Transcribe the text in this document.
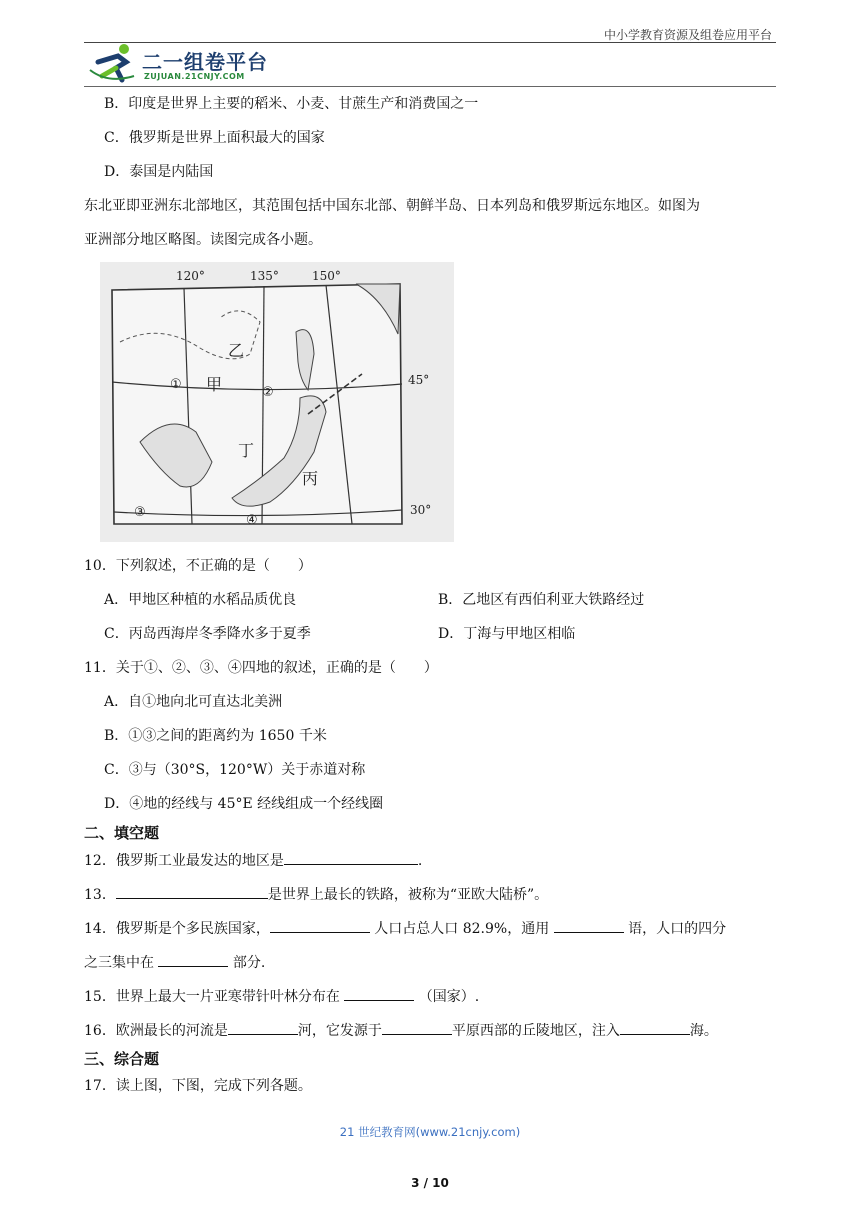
中小学教育资源及组卷应用平台
二一组卷平台
ZUJUAN.21CNJY.COM
B．印度是世界上主要的稻米、小麦、甘蔗生产和消费国之一
C．俄罗斯是世界上面积最大的国家
D．泰国是内陆国
东北亚即亚洲东北部地区，其范围包括中国东北部、朝鲜半岛、日本列岛和俄罗斯远东地区。如图为
亚洲部分地区略图。读图完成各小题。
120°	135°	150°
45°
30°
乙
甲
丁
丙
①
②
③
④
10．下列叙述，不正确的是（　　）
A．甲地区种植的水稻品质优良	B．乙地区有西伯利亚大铁路经过
C．丙岛西海岸冬季降水多于夏季	D．丁海与甲地区相临
11．关于①、②、③、④四地的叙述，正确的是（　　）
A．自①地向北可直达北美洲
B．①③之间的距离约为 1650 千米
C．③与（30°S，120°W）关于赤道对称
D．④地的经线与 45°E 经线组成一个经线圈
二、填空题
12．俄罗斯工业最发达的地区是	.
13．	是世界上最长的铁路，被称为“亚欧大陆桥”。
14．俄罗斯是个多民族国家，	人口占总人口 82.9%，通用	语，人口的四分
之三集中在	部分.
15．世界上最大一片亚寒带针叶林分布在	（国家）.
16．欧洲最长的河流是	河，它发源于	平原西部的丘陵地区，注入	海。
三、综合题
17．读上图，下图，完成下列各题。
21 世纪教育网(www.21cnjy.com)
3 / 10
